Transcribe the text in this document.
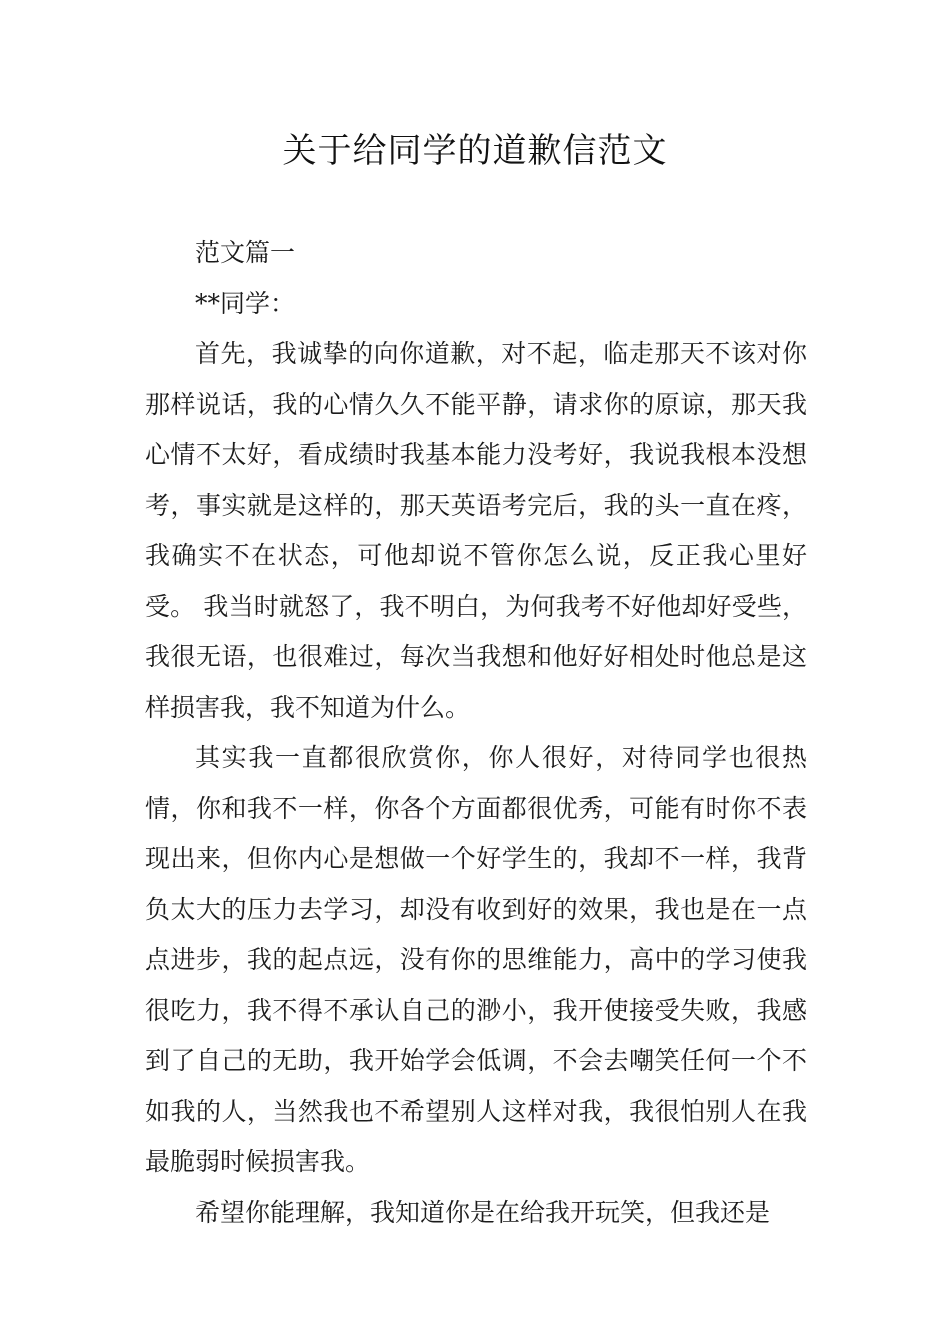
关于给同学的道歉信范文

范文篇一

**同学：

首先，我诚挚的向你道歉，对不起，临走那天不该对你那样说话，我的心情久久不能平静，请求你的原谅，那天我心情不太好，看成绩时我基本能力没考好，我说我根本没想考，事实就是这样的，那天英语考完后，我的头一直在疼，我确实不在状态，可他却说不管你怎么说，反正我心里好受。 我当时就怒了，我不明白，为何我考不好他却好受些，我很无语，也很难过，每次当我想和他好好相处时他总是这样损害我，我不知道为什么。

其实我一直都很欣赏你，你人很好，对待同学也很热情，你和我不一样，你各个方面都很优秀，可能有时你不表现出来，但你内心是想做一个好学生的，我却不一样，我背负太大的压力去学习，却没有收到好的效果，我也是在一点点进步，我的起点远，没有你的思维能力，高中的学习使我很吃力，我不得不承认自己的渺小，我开使接受失败，我感到了自己的无助，我开始学会低调，不会去嘲笑任何一个不如我的人，当然我也不希望别人这样对我，我很怕别人在我最脆弱时候损害我。

希望你能理解，我知道你是在给我开玩笑，但我还是
